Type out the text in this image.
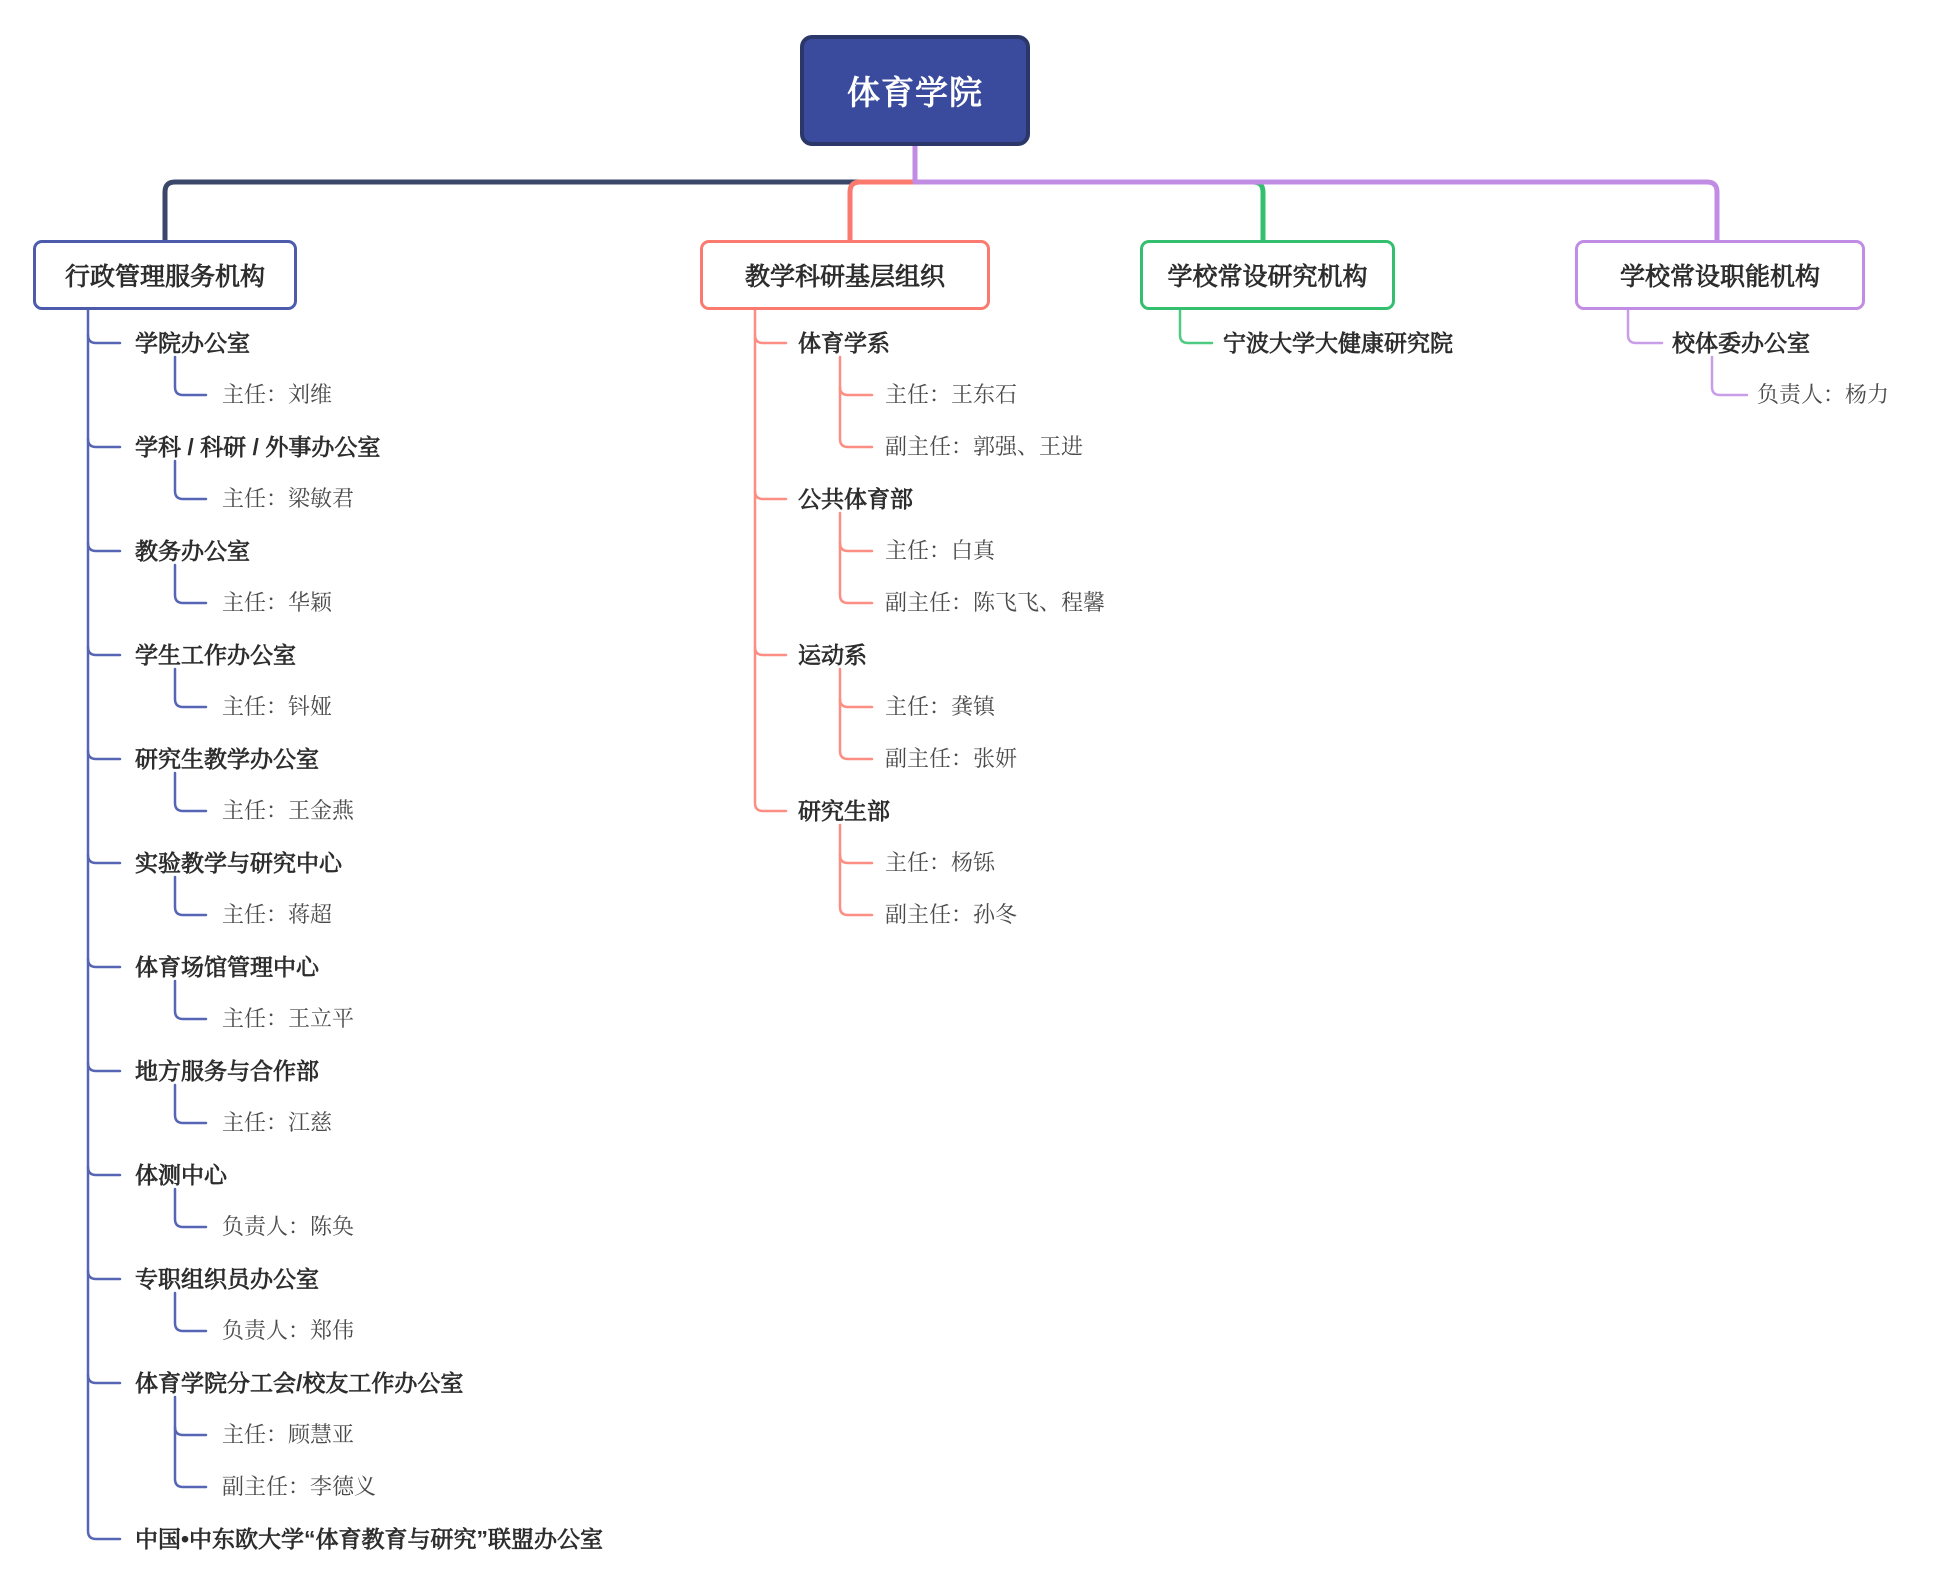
体育学院
行政管理服务机构	教学科研基层组织	学校常设研究机构	学校常设职能机构
学院办公室
主任：刘维
学科 / 科研 / 外事办公室
主任：梁敏君
教务办公室
主任：华颖
学生工作办公室
主任：钭娅
研究生教学办公室
主任：王金燕
实验教学与研究中心
主任：蒋超
体育场馆管理中心
主任：王立平
地方服务与合作部
主任：江慈
体测中心
负责人：陈奂
专职组织员办公室
负责人：郑伟
体育学院分工会/校友工作办公室
主任：顾慧亚
副主任：李德义
中国•中东欧大学“体育教育与研究”联盟办公室
体育学系
主任：王东石
副主任：郭强、王进
公共体育部
主任：白真
副主任：陈飞飞、程馨
运动系
主任：龚镇
副主任：张妍
研究生部
主任：杨铄
副主任：孙冬
宁波大学大健康研究院	校体委办公室
负责人：杨力
